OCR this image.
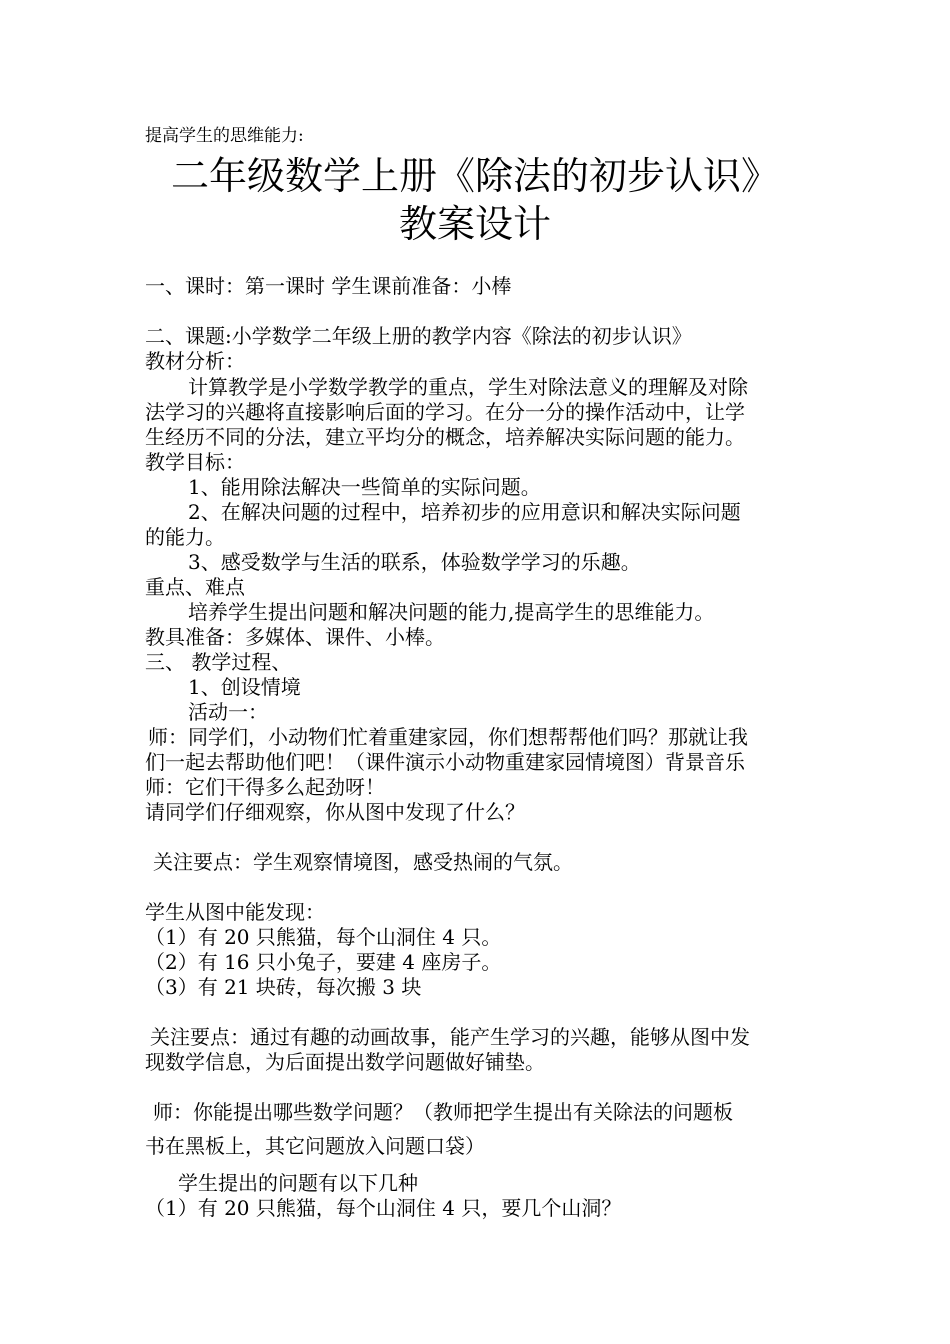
提高学生的思维能力:
二年级数学上册《除法的初步认识》
教案设计
一、课时：第一课时 学生课前准备：小棒
二、课题:小学数学二年级上册的教学内容《除法的初步认识》
教材分析：
计算教学是小学数学教学的重点，学生对除法意义的理解及对除
法学习的兴趣将直接影响后面的学习。在分一分的操作活动中，让学
生经历不同的分法，建立平均分的概念，培养解决实际问题的能力。
教学目标：
1、能用除法解决一些简单的实际问题。
2、在解决问题的过程中，培养初步的应用意识和解决实际问题
的能力。
3、感受数学与生活的联系，体验数学学习的乐趣。
重点、难点
培养学生提出问题和解决问题的能力,提高学生的思维能力。
教具准备：多媒体、课件、小棒。
三、 教学过程、
1、创设情境
活动一：
师：同学们，小动物们忙着重建家园，你们想帮帮他们吗？那就让我
们一起去帮助他们吧！（课件演示小动物重建家园情境图）背景音乐
师：它们干得多么起劲呀！
请同学们仔细观察，你从图中发现了什么？
关注要点：学生观察情境图，感受热闹的气氛。
学生从图中能发现：
（1）有 20 只熊猫，每个山洞住 4 只。
（2）有 16 只小兔子，要建 4 座房子。
（3）有 21 块砖，每次搬 3 块
关注要点：通过有趣的动画故事，能产生学习的兴趣，能够从图中发
现数学信息，为后面提出数学问题做好铺垫。
师：你能提出哪些数学问题？（教师把学生提出有关除法的问题板
书在黑板上，其它问题放入问题口袋）
学生提出的问题有以下几种
（1）有 20 只熊猫，每个山洞住 4 只，要几个山洞？
